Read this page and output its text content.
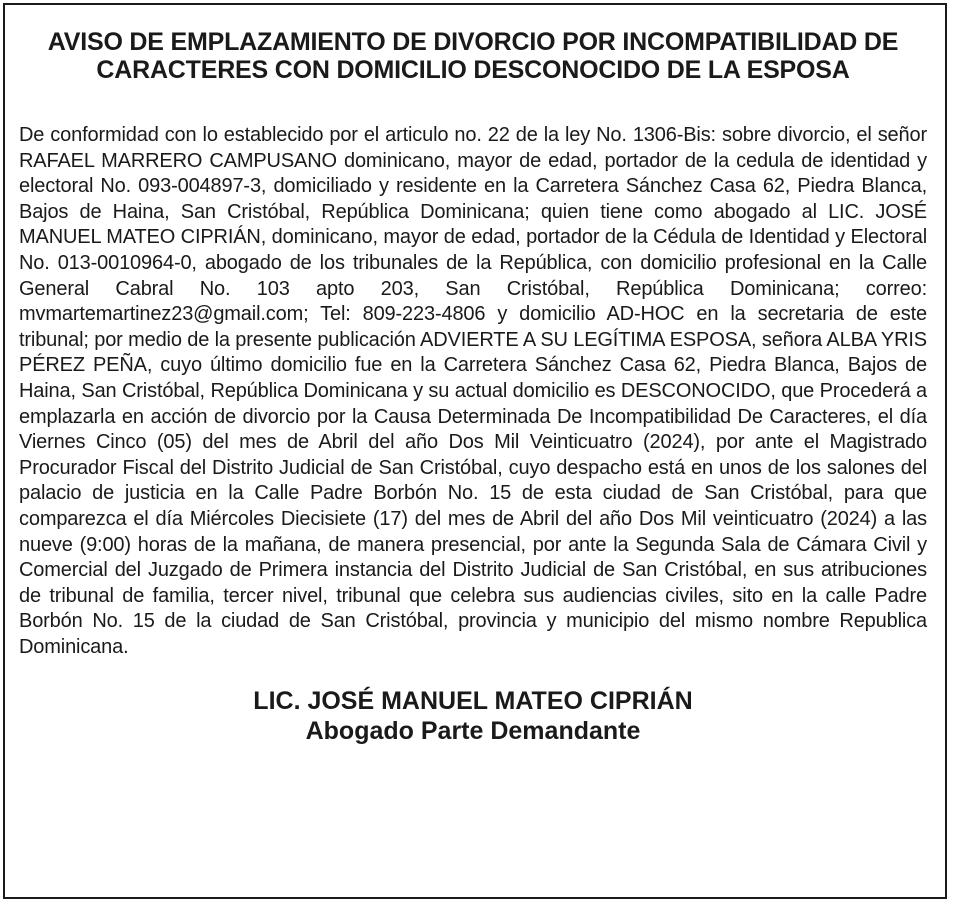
AVISO DE EMPLAZAMIENTO DE DIVORCIO POR INCOMPATIBILIDAD DE CARACTERES CON DOMICILIO DESCONOCIDO DE LA ESPOSA

De conformidad con lo establecido por el articulo no. 22 de la ley No. 1306-Bis: sobre divorcio, el señor RAFAEL MARRERO CAMPUSANO dominicano, mayor de edad, portador de la cedula de identidad y electoral No. 093-004897-3, domiciliado y residente en la Carretera Sánchez Casa 62, Piedra Blanca, Bajos de Haina, San Cristóbal, República Dominicana; quien tiene como abogado al LIC. JOSÉ MANUEL MATEO CIPRIÁN, dominicano, mayor de edad, portador de la Cédula de Identidad y Electoral No. 013-0010964-0, abogado de los tribunales de la República, con domicilio profesional en la Calle General Cabral No. 103 apto 203, San Cristóbal, República Dominicana; correo: mvmartemartinez23@gmail.com; Tel: 809-223-4806 y domicilio AD-HOC en la secretaria de este tribunal; por medio de la presente publicación ADVIERTE A SU LEGÍTIMA ESPOSA, señora ALBA YRIS PÉREZ PEÑA, cuyo último domicilio fue en la Carretera Sánchez Casa 62, Piedra Blanca, Bajos de Haina, San Cristóbal, República Dominicana y su actual domicilio es DESCONOCIDO, que Procederá a emplazarla en acción de divorcio por la Causa Determinada De Incompatibilidad De Caracteres, el día Viernes Cinco (05) del mes de Abril del año Dos Mil Veinticuatro (2024), por ante el Magistrado Procurador Fiscal del Distrito Judicial de San Cristóbal, cuyo despacho está en unos de los salones del palacio de justicia en la Calle Padre Borbón No. 15 de esta ciudad de San Cristóbal, para que comparezca el día Miércoles Diecisiete (17) del mes de Abril del año Dos Mil veinticuatro (2024) a las nueve (9:00) horas de la mañana, de manera presencial, por ante la Segunda Sala de Cámara Civil y Comercial del Juzgado de Primera instancia del Distrito Judicial de San Cristóbal, en sus atribuciones de tribunal de familia, tercer nivel, tribunal que celebra sus audiencias civiles, sito en la calle Padre Borbón No. 15 de la ciudad de San Cristóbal, provincia y municipio del mismo nombre Republica Dominicana.

LIC. JOSÉ MANUEL MATEO CIPRIÁN

Abogado Parte Demandante
